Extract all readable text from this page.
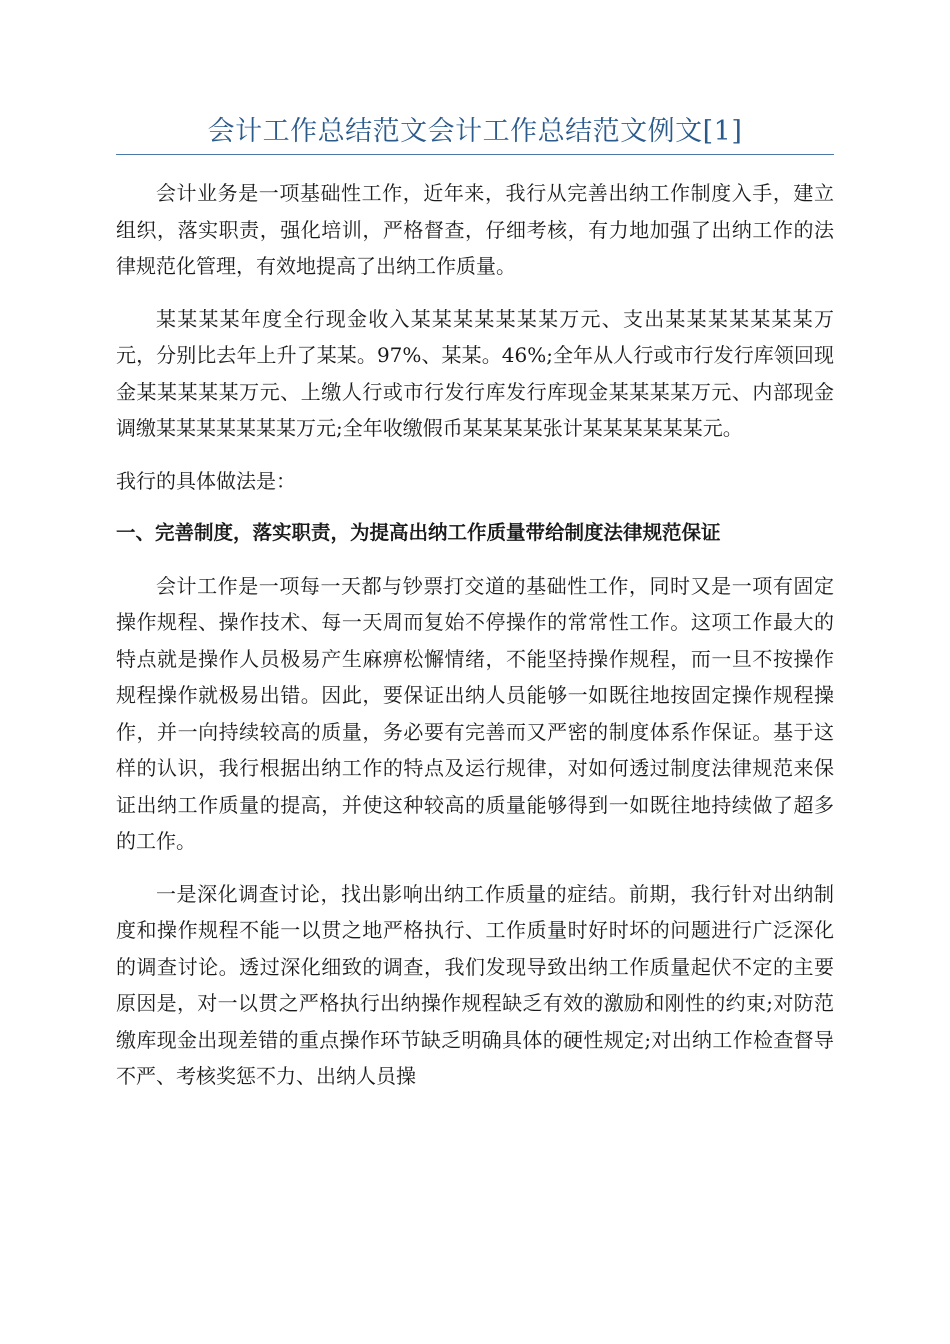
会计工作总结范文会计工作总结范文例文[1]

会计业务是一项基础性工作，近年来，我行从完善出纳工作制度入手，建立组织，落实职责，强化培训，严格督查，仔细考核，有力地加强了出纳工作的法律规范化管理，有效地提高了出纳工作质量。

某某某某年度全行现金收入某某某某某某某万元、支出某某某某某某某万元，分别比去年上升了某某。97%、某某。46%;全年从人行或市行发行库领回现金某某某某某万元、上缴人行或市行发行库发行库现金某某某某万元、内部现金调缴某某某某某某某万元;全年收缴假币某某某某张计某某某某某某元。

我行的具体做法是：

一、完善制度，落实职责，为提高出纳工作质量带给制度法律规范保证

会计工作是一项每一天都与钞票打交道的基础性工作，同时又是一项有固定操作规程、操作技术、每一天周而复始不停操作的常常性工作。这项工作最大的特点就是操作人员极易产生麻痹松懈情绪，不能坚持操作规程，而一旦不按操作规程操作就极易出错。因此，要保证出纳人员能够一如既往地按固定操作规程操作，并一向持续较高的质量，务必要有完善而又严密的制度体系作保证。基于这样的认识，我行根据出纳工作的特点及运行规律，对如何透过制度法律规范来保证出纳工作质量的提高，并使这种较高的质量能够得到一如既往地持续做了超多的工作。

一是深化调查讨论，找出影响出纳工作质量的症结。前期，我行针对出纳制度和操作规程不能一以贯之地严格执行、工作质量时好时坏的问题进行广泛深化的调查讨论。透过深化细致的调查，我们发现导致出纳工作质量起伏不定的主要原因是，对一以贯之严格执行出纳操作规程缺乏有效的激励和刚性的约束;对防范缴库现金出现差错的重点操作环节缺乏明确具体的硬性规定;对出纳工作检查督导不严、考核奖惩不力、出纳人员操
